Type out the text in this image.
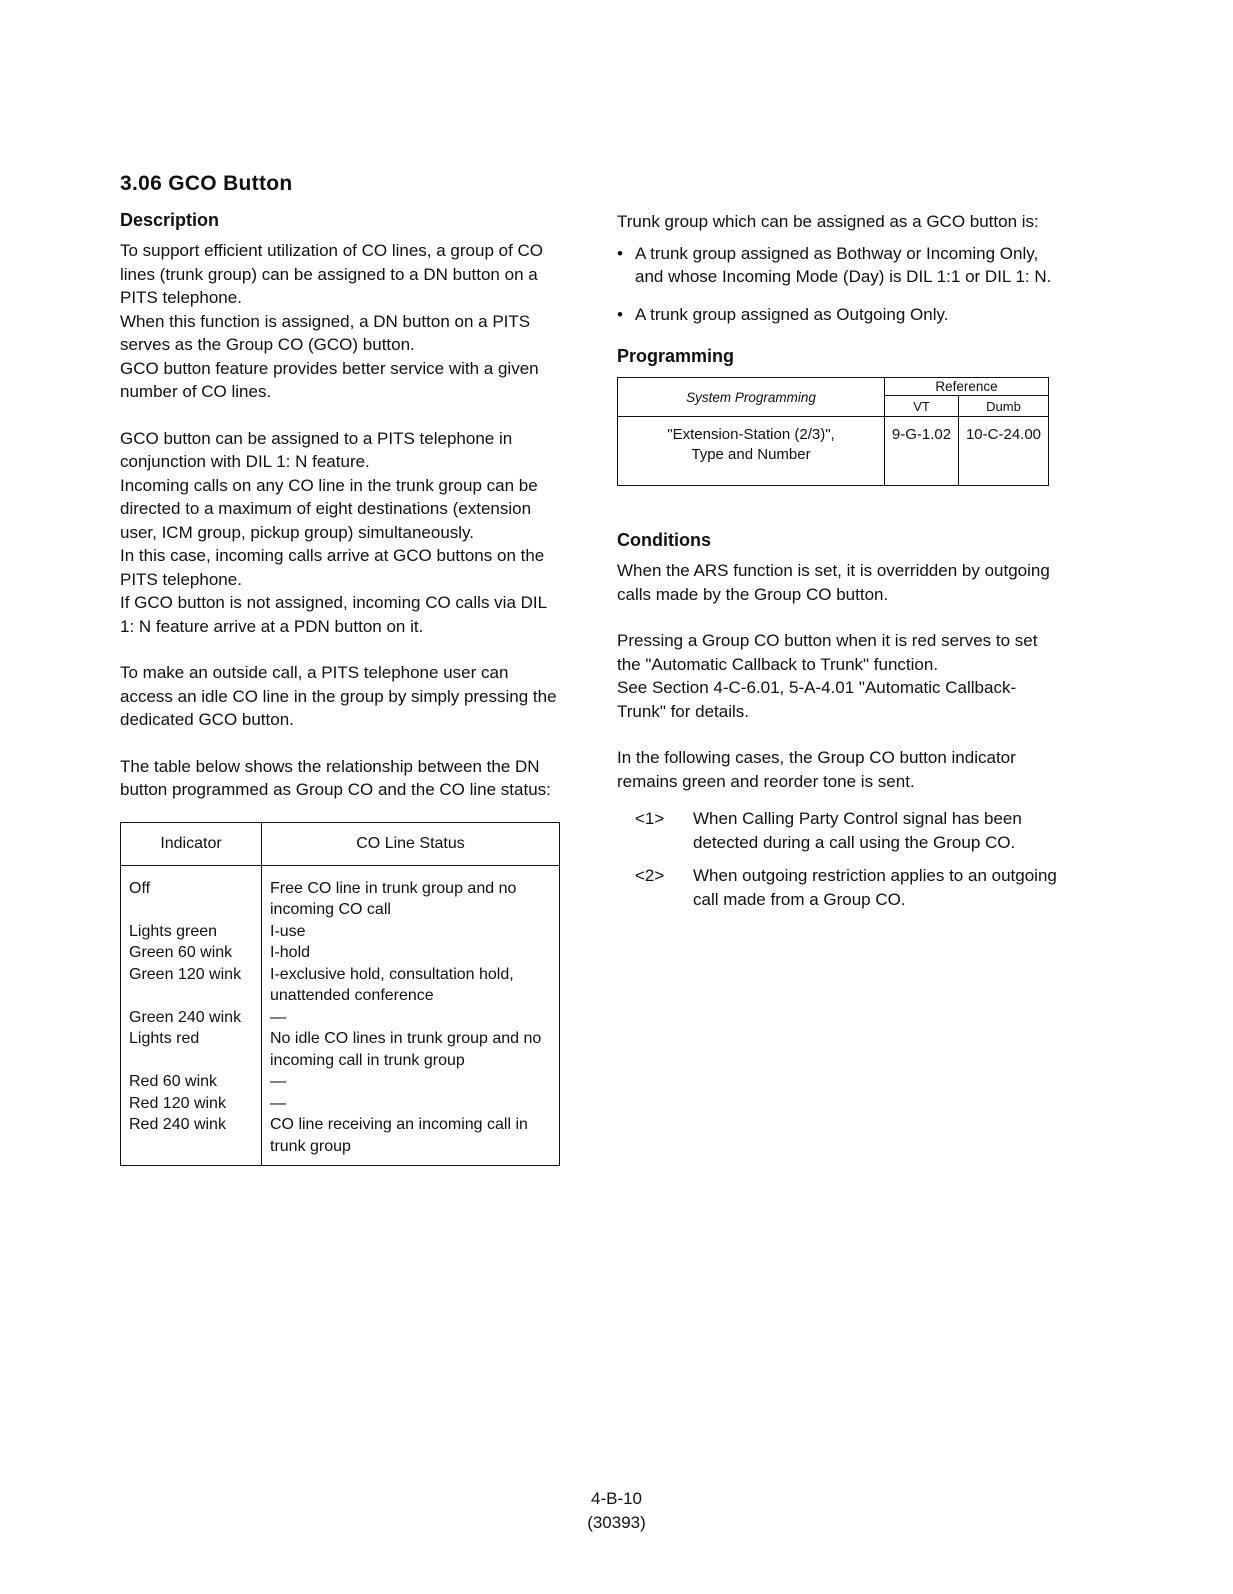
3.06 GCO Button
Description

To support efficient utilization of CO lines, a group of CO lines (trunk group) can be assigned to a DN button on a PITS telephone.

When this function is assigned, a DN button on a PITS serves as the Group CO (GCO) button.

GCO button feature provides better service with a given number of CO lines.

GCO button can be assigned to a PITS telephone in conjunction with DIL 1: N feature.

Incoming calls on any CO line in the trunk group can be directed to a maximum of eight destinations (extension user, ICM group, pickup group) simultaneously.

In this case, incoming calls arrive at GCO buttons on the PITS telephone.

If GCO button is not assigned, incoming CO calls via DIL 1: N feature arrive at a PDN button on it.

To make an outside call, a PITS telephone user can access an idle CO line in the group by simply pressing the dedicated GCO button.

The table below shows the relationship between the DN button programmed as Group CO and the CO line status:

Indicator	CO Line Status
Off	Free CO line in trunk group and no incoming CO call
Lights green	I-use
Green 60 wink	I-hold
Green 120 wink	I-exclusive hold, consultation hold, unattended conference
Green 240 wink	—
Lights red	No idle CO lines in trunk group and no incoming call in trunk group
Red 60 wink	—
Red 120 wink	—
Red 240 wink	CO line receiving an incoming call in trunk group

Trunk group which can be assigned as a GCO button is:

• A trunk group assigned as Bothway or Incoming Only, and whose Incoming Mode (Day) is DIL 1:1 or DIL 1: N.
• A trunk group assigned as Outgoing Only.
Programming
System Programming	Reference	
	VT	Dumb

"Extension-Station (2/3)",
Type and Number	9-G-1.02	10-C-24.00
Conditions

When the ARS function is set, it is overridden by outgoing calls made by the Group CO button.

Pressing a Group CO button when it is red serves to set the "Automatic Callback to Trunk" function.

See Section 4-C-6.01, 5-A-4.01 "Automatic Callback-Trunk" for details.

In the following cases, the Group CO button indicator remains green and reorder tone is sent.

<1> When Calling Party Control signal has been detected during a call using the Group CO.
<2> When outgoing restriction applies to an outgoing call made from a Group CO.
4-B-10
(30393)
